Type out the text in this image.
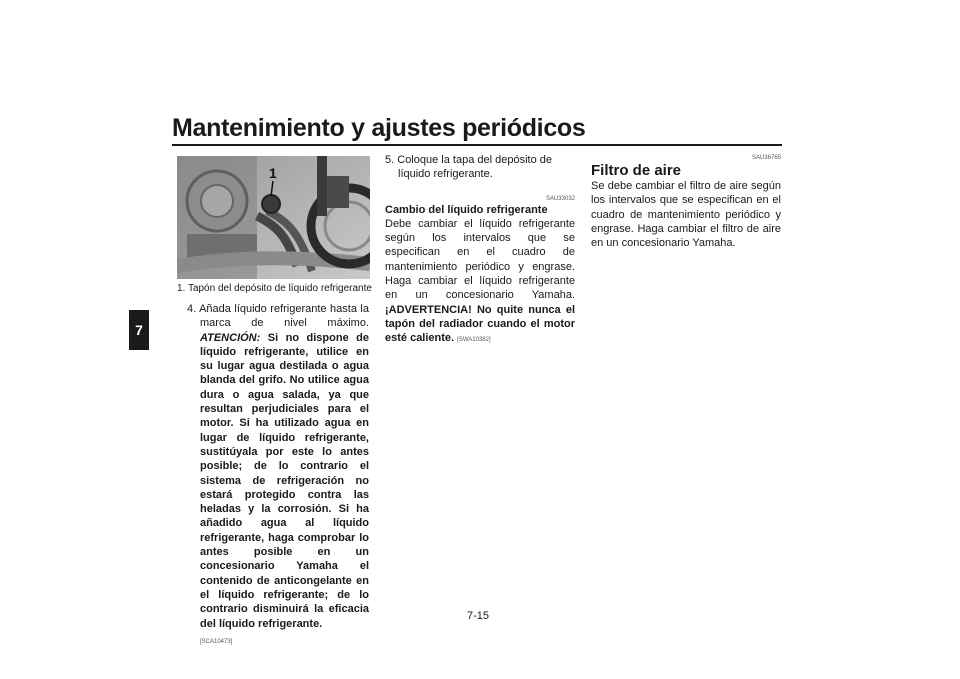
Mantenimiento y ajustes periódicos
7
1
1. Tapón del depósito de líquido refrigerante
4. Añada líquido refrigerante hasta la marca de nivel máximo. ATENCIÓN: Si no dispone de líquido refrigerante, utilice en su lugar agua destilada o agua blanda del grifo. No utilice agua dura o agua salada, ya que resultan perjudiciales para el motor. Si ha utilizado agua en lugar de líquido refrigerante, sustitúyala por este lo antes posible; de lo contrario el sistema de refrigeración no estará protegido contra las heladas y la corrosión. Si ha añadido agua al líquido refrigerante, haga comprobar lo antes posible en un concesionario Yamaha el contenido de anticongelante en el líquido refrigerante; de lo contrario disminuirá la eficacia del líquido refrigerante.
[SCA10473]
5. Coloque la tapa del depósito de líquido refrigerante.
SAU33032
Cambio del líquido refrigerante
Debe cambiar el líquido refrigerante según los intervalos que se especifican en el cuadro de mantenimiento periódico y engrase. Haga cambiar el líquido refrigerante en un concesionario Yamaha. ¡ADVERTENCIA! No quite nunca el tapón del radiador cuando el motor esté caliente. [SWA10382]
SAU36765
Filtro de aire
Se debe cambiar el filtro de aire según los intervalos que se especifican en el cuadro de mantenimiento periódico y engrase. Haga cambiar el filtro de aire en un concesionario Yamaha.
7-15
